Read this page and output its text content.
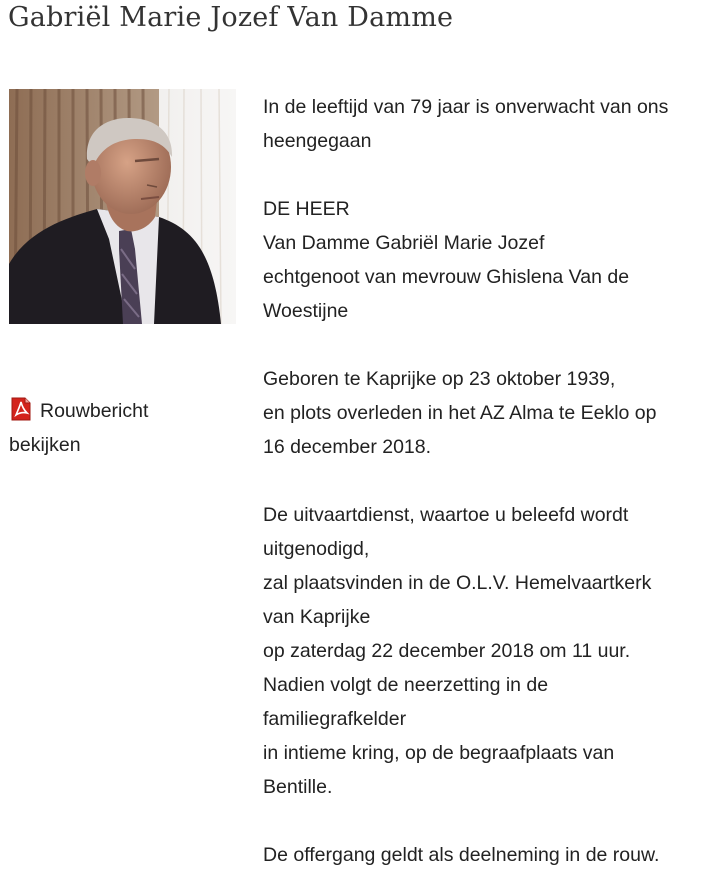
Gabriël Marie Jozef Van Damme
Rouwbericht
bekijken

In de leeftijd van 79 jaar is onverwacht van ons
heengegaan

DE HEER
Van Damme Gabriël Marie Jozef
echtgenoot van mevrouw Ghislena Van de
Woestijne

Geboren te Kaprijke op 23 oktober 1939,
en plots overleden in het AZ Alma te Eeklo op
16 december 2018.

De uitvaartdienst, waartoe u beleefd wordt
uitgenodigd,
zal plaatsvinden in de O.L.V. Hemelvaartkerk
van Kaprijke
op zaterdag 22 december 2018 om 11 uur.
Nadien volgt de neerzetting in de
familiegrafkelder
in intieme kring, op de begraafplaats van
Bentille.

De offergang geldt als deelneming in de rouw.
